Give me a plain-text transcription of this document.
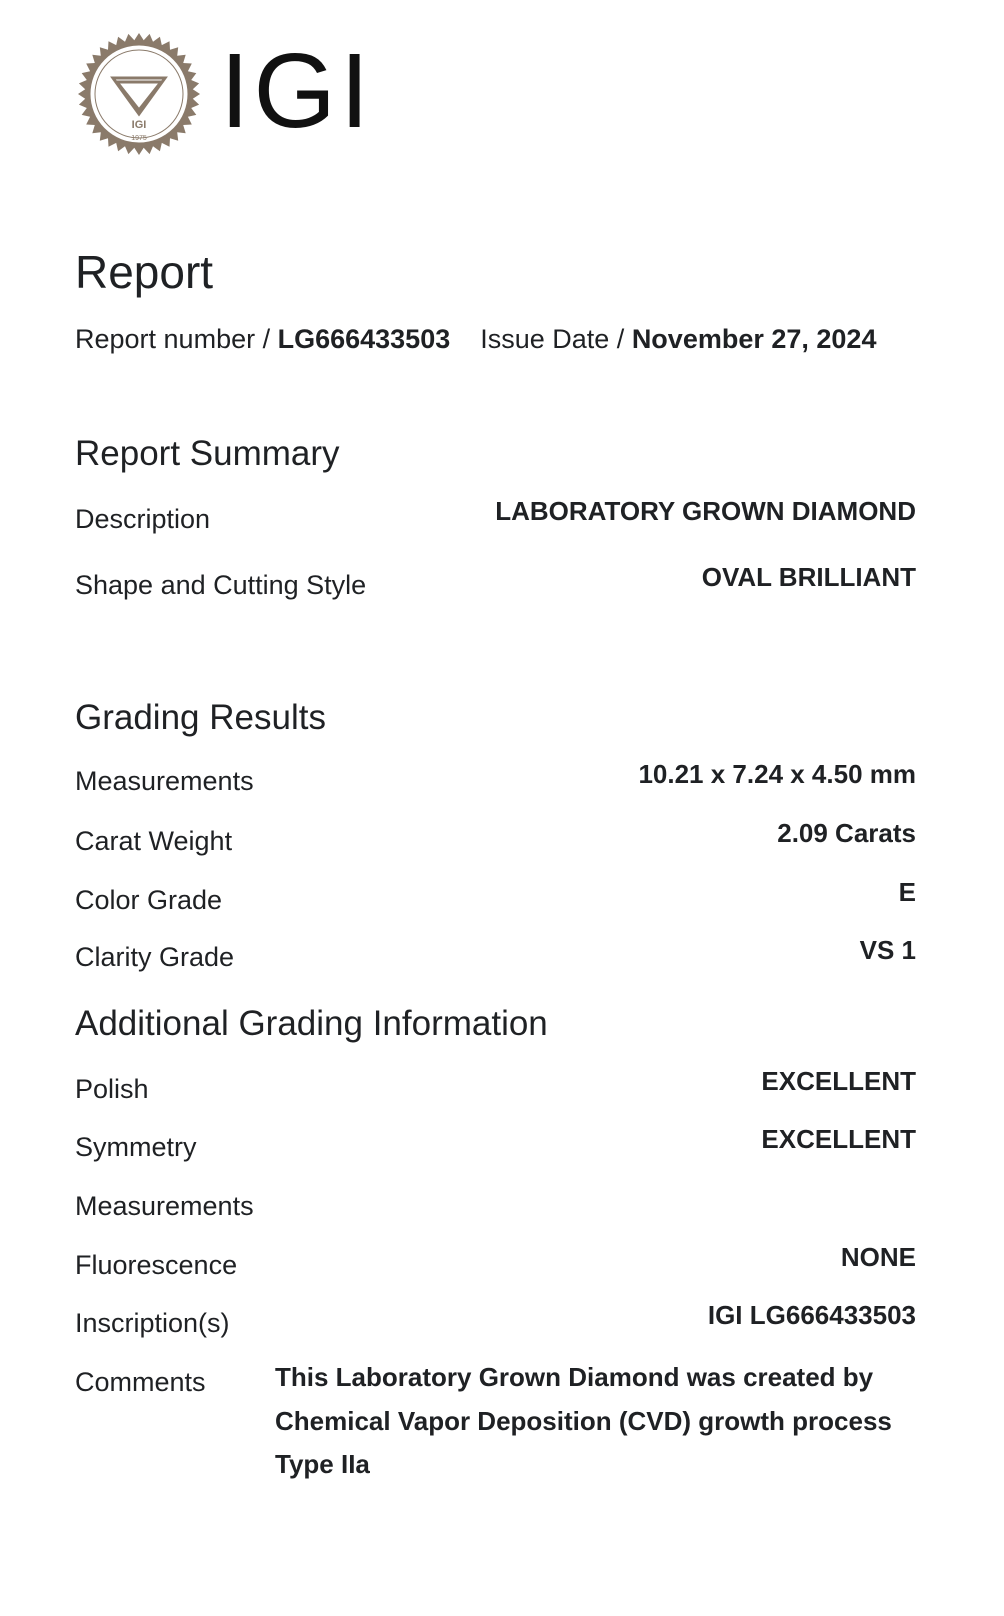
IGI
1975 IGI
Report
Report number / LG666433503 Issue Date / November 27, 2024
Report Summary
Description	LABORATORY GROWN DIAMOND
Shape and Cutting Style	OVAL BRILLIANT
Grading Results
Measurements	10.21 x 7.24 x 4.50 mm
Carat Weight	2.09 Carats
Color Grade	E
Clarity Grade	VS 1
Additional Grading Information
Polish	EXCELLENT
Symmetry	EXCELLENT
Measurements
Fluorescence	NONE
Inscription(s)	IGI LG666433503
Comments	This Laboratory Grown Diamond was created by Chemical Vapor Deposition (CVD) growth process Type IIa
